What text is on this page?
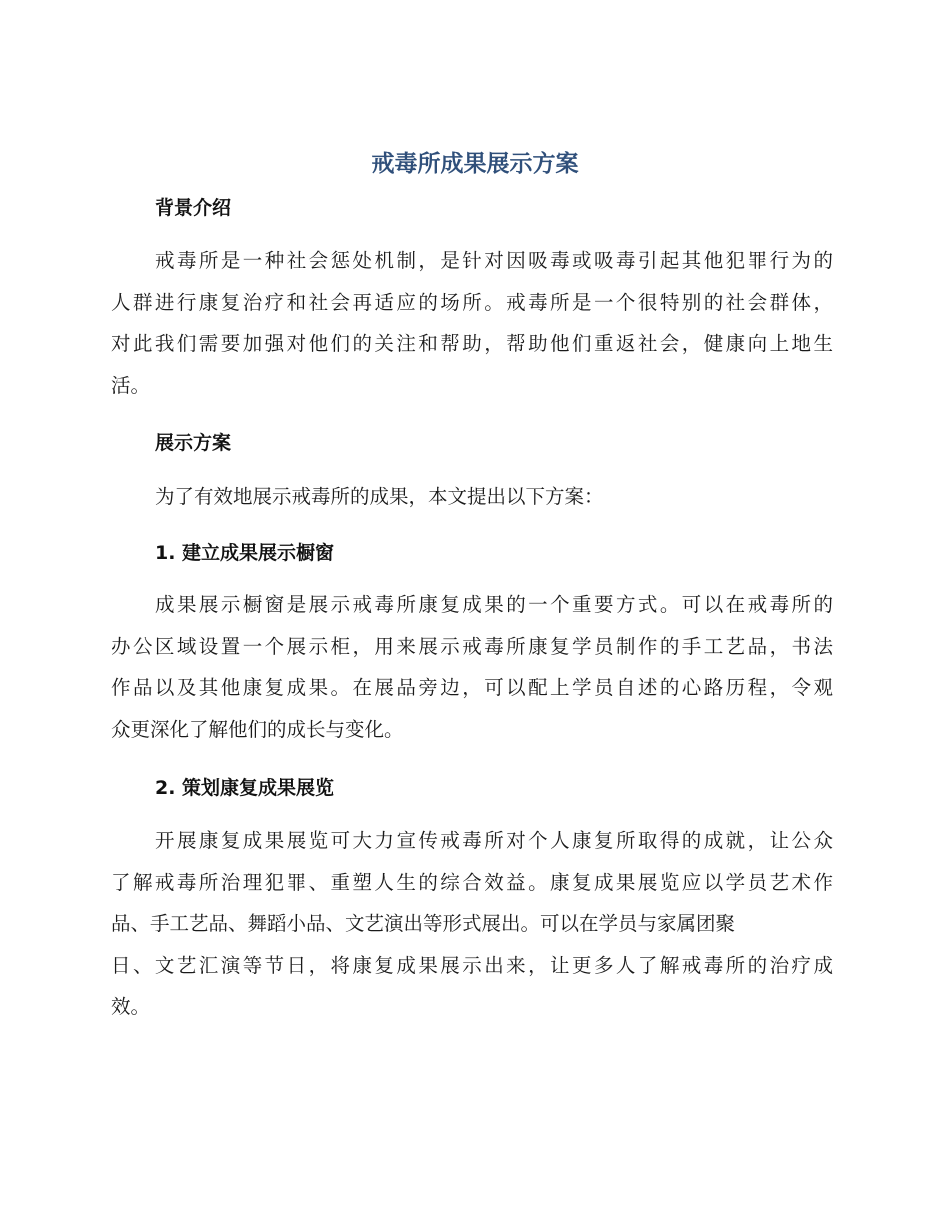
戒毒所成果展示方案
背景介绍
戒毒所是一种社会惩处机制，是针对因吸毒或吸毒引起其他犯罪行为的
人群进行康复治疗和社会再适应的场所。戒毒所是一个很特别的社会群体，
对此我们需要加强对他们的关注和帮助，帮助他们重返社会，健康向上地生
活。
展示方案
为了有效地展示戒毒所的成果，本文提出以下方案：
1. 建立成果展示橱窗
成果展示橱窗是展示戒毒所康复成果的一个重要方式。可以在戒毒所的
办公区域设置一个展示柜，用来展示戒毒所康复学员制作的手工艺品，书法
作品以及其他康复成果。在展品旁边，可以配上学员自述的心路历程，令观
众更深化了解他们的成长与变化。
2. 策划康复成果展览
开展康复成果展览可大力宣传戒毒所对个人康复所取得的成就，让公众
了解戒毒所治理犯罪、重塑人生的综合效益。康复成果展览应以学员艺术作
品、手工艺品、舞蹈小品、文艺演出等形式展出。可以在学员与家属团聚
日、文艺汇演等节日，将康复成果展示出来，让更多人了解戒毒所的治疗成
效。
